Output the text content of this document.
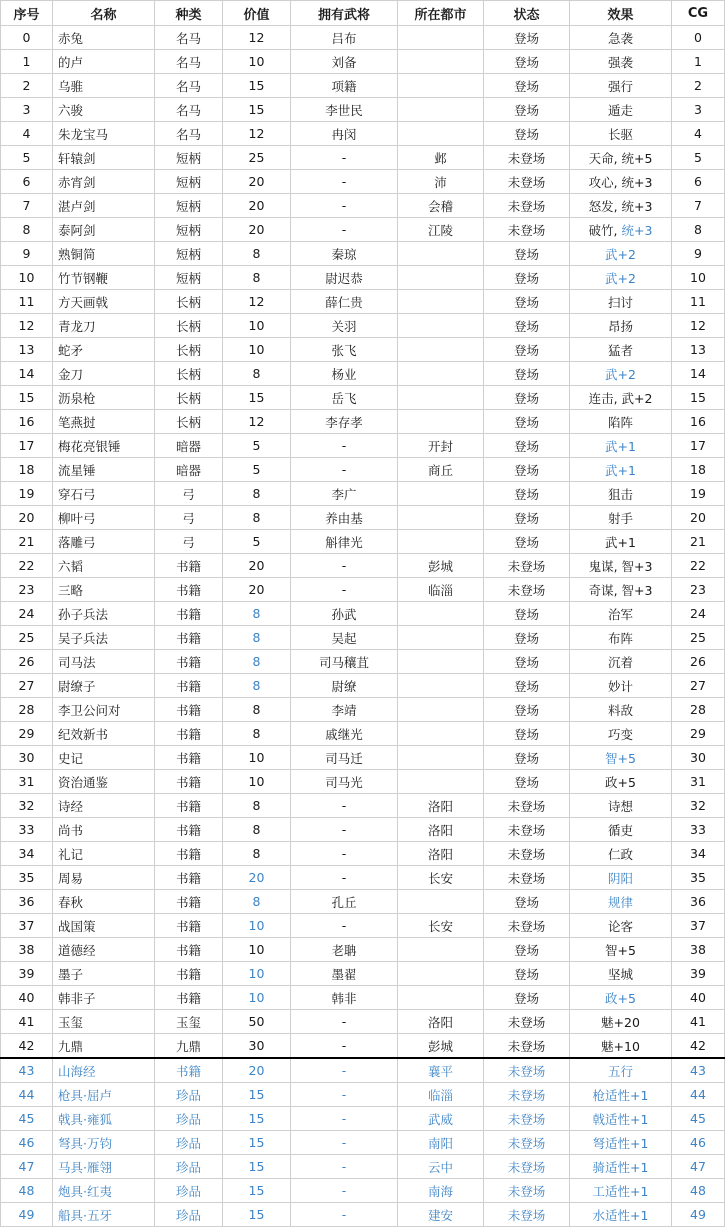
序号	名称	种类	价值	拥有武将	所在都市	状态	效果	CG
0	赤兔	名马	12	吕布		登场	急袭	0
1	的卢	名马	10	刘备		登场	强袭	1
2	乌骓	名马	15	项籍		登场	强行	2
3	六骏	名马	15	李世民		登场	遁走	3
4	朱龙宝马	名马	12	冉闵		登场	长驱	4
5	轩辕剑	短柄	25	-	邺	未登场	天命, 统+5	5
6	赤宵剑	短柄	20	-	沛	未登场	攻心, 统+3	6
7	湛卢剑	短柄	20	-	会稽	未登场	怒发, 统+3	7
8	泰阿剑	短柄	20	-	江陵	未登场	破竹, 统+3	8
9	熟铜简	短柄	8	秦琼		登场	武+2	9
10	竹节钢鞭	短柄	8	尉迟恭		登场	武+2	10
11	方天画戟	长柄	12	薛仁贵		登场	扫讨	11
12	青龙刀	长柄	10	关羽		登场	昂扬	12
13	蛇矛	长柄	10	张飞		登场	猛者	13
14	金刀	长柄	8	杨业		登场	武+2	14
15	沥泉枪	长柄	15	岳飞		登场	连击, 武+2	15
16	笔燕挝	长柄	12	李存孝		登场	陷阵	16
17	梅花亮银锤	暗器	5	-	开封	登场	武+1	17
18	流星锤	暗器	5	-	商丘	登场	武+1	18
19	穿石弓	弓	8	李广		登场	狙击	19
20	柳叶弓	弓	8	养由基		登场	射手	20
21	落雕弓	弓	5	斛律光		登场	武+1	21
22	六韬	书籍	20	-	彭城	未登场	鬼谋, 智+3	22
23	三略	书籍	20	-	临淄	未登场	奇谋, 智+3	23
24	孙子兵法	书籍	8	孙武		登场	治军	24
25	吴子兵法	书籍	8	吴起		登场	布阵	25
26	司马法	书籍	8	司马穰苴		登场	沉着	26
27	尉缭子	书籍	8	尉缭		登场	妙计	27
28	李卫公问对	书籍	8	李靖		登场	料敌	28
29	纪效新书	书籍	8	戚继光		登场	巧变	29
30	史记	书籍	10	司马迁		登场	智+5	30
31	资治通鉴	书籍	10	司马光		登场	政+5	31
32	诗经	书籍	8	-	洛阳	未登场	诗想	32
33	尚书	书籍	8	-	洛阳	未登场	循吏	33
34	礼记	书籍	8	-	洛阳	未登场	仁政	34
35	周易	书籍	20	-	长安	未登场	阴阳	35
36	春秋	书籍	8	孔丘		登场	规律	36
37	战国策	书籍	10	-	长安	未登场	论客	37
38	道德经	书籍	10	老聃		登场	智+5	38
39	墨子	书籍	10	墨翟		登场	坚城	39
40	韩非子	书籍	10	韩非		登场	政+5	40
41	玉玺	玉玺	50	-	洛阳	未登场	魅+20	41
42	九鼎	九鼎	30	-	彭城	未登场	魅+10	42
43	山海经	书籍	20	-	襄平	未登场	五行	43
44	枪具·屈卢	珍品	15	-	临淄	未登场	枪适性+1	44
45	戟具·雍狐	珍品	15	-	武威	未登场	戟适性+1	45
46	弩具·万钧	珍品	15	-	南阳	未登场	弩适性+1	46
47	马具·雁翎	珍品	15	-	云中	未登场	骑适性+1	47
48	炮具·红夷	珍品	15	-	南海	未登场	工适性+1	48
49	船具·五牙	珍品	15	-	建安	未登场	水适性+1	49
